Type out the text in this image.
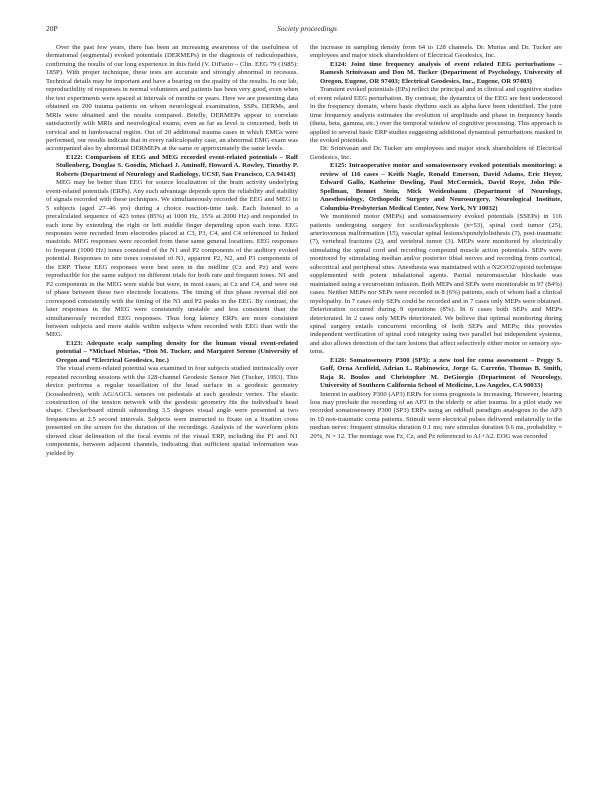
20P	Society proceedings

Over the past few years, there has been an increasing awareness of the usefulness of dermatomal (segmental) evoked potentials (DERMEPs) in the diagnosis of radiculopathies, confirming the results of our long experience in this field (V. DiFazio – Clin. EEG 79 (1985): 185P). With proper technique, these tests are accurate and strongly abnormal in recessus. Technical details may be important and have a bearing on the quality of the results. In our lab, reproducibility of responses in normal volunteers and patients has been very good, even when the test experiments were spaced at intervals of months or years. Here we are presenting data obtained on 200 trauma patients on whom neurological examination, SSPs, DERMs, and MRIs were obtained and the results compared. Briefly, DERMEPs appear to correlate satisfactorily with MRIs and neurological exams, even as far as level is concerned, both in cervical and in lumbosacral region. Out of 20 additional trauma cases in which EMGs were performed, our results indicate that in every radiculopathy case, an abnormal EMG exam was accompanied also by abnormal DERMEPs at the same or approximately the same levels.

E122: Comparison of EEG and MEG recorded event-related potentials – Ralf Stollenberg, Douglas S. Goodin, Michael J. Aminoff, Howard A. Rowley, Timothy P. Roberts (Department of Neurology and Radiology, UCSF, San Francisco, CA 94143)

MEG may be better than EEG for source localization of the brain activity underlying event-related potentials (ERPs). Any such advantage depends upon the reliability and stability of signals recorded with these techniques. We simultaneously recorded the EEG and MEG in 5 subjects (aged 27–46 yrs) during a choice reaction-time task. Each listened to a precalculated sequence of 423 tones (85%) at 1000 Hz, 15% at 2000 Hz) and responded to each tone by extending the right or left middle finger depending upon each tone. EEG responses were recorded from electrodes placed at C3, P3, C4, and C4 referenced to linked mastoids. MEG responses were recorded from these same general locations. EEG responses to frequent (1000 Hz) tones consisted of the N1 and P2 components of the auditory evoked potential. Responses to rare tones consisted of N1, apparent P2, N2, and P3 components of the ERP. These EEG responses were best seen in the midline (Cz and Pz) and were reproducible for the same subject on different trials for both rare and frequent tones. N1 and P2 components in the MEG were stable but were, in most cases, at Cz and C4, and were out of phase between these two electrode locations. The timing of this phase reversal did not correspond consistently with the timing of the N1 and P2 peaks in the EEG. By contrast, the later responses in the MEG were consistently unstable and less consistent than the simultaneously recorded EEG responses. Thus long latency ERPs are more consistent between subjects and more stable within subjects when recorded with EEG than with the MEG.

E123: Adequate scalp sampling density for the human visual event-related potential – *Michael Murias, *Don M. Tucker, and Margaret Sereno (University of Oregon and *Electrical Geodesics, Inc.)

The visual event-related potential was examined in four subjects studied intrinsically over repeated recording sessions with the 128-channel Geodesic Sensor Net (Tucker, 1993). This device performs a regular tessellation of the head surface in a geodesic geometry (icosahedron), with AG/AGCL sensors on pedestals at each geodesic vertex. The elastic construction of the tension network with the geodesic geometry fits the individual's head shape. Checkerboard stimuli subtending 3.5 degrees visual angle were presented at two frequencies at 2.5 second intervals. Subjects were instructed to fixate on a fixation cross presented on the screen for the duration of the recordings. Analysis of the waveform plots showed clear delineation of the focal events of the visual ERP, including the P1 and N1 components, between adjacent channels, indicating that sufficient spatial information was yielded by

the increase in sampling density from 64 to 128 channels. Dr. Murias and Dr. Tucker are employees and major stock shareholders of Electrical Geodesics, Inc.

E124: Joint time frequency analysis of event related EEG perturbations – Ramesh Srinivasan and Don M. Tucker (Department of Psychology, University of Oregon, Eugene, OR 97403; Electrical Geodesics, Inc., Eugene, OR 97403)

Transient evoked potentials (EPs) reflect the principal and in clinical and cognitive studies of event related EEG perturbation. By contrast, the dynamics of the EEG are best understood in the frequency domain, where basic rhythms such as alpha have been identified. The joint time frequency analysis estimates the evolution of amplitude and phase in frequency bands (theta, beta, gamma, etc.) over the temporal window of cognitive processing. This approach is applied to several basic ERP studies suggesting additional dynamical perturbations masked in the evoked potentials.

Dr. Srinivasan and Dr. Tucker are employees and major stock shareholders of Electrical Geodesics, Inc.

E125: Intraoperative motor and somatosensory evoked potentials monitoring: a review of 116 cases – Keith Nagle, Ronald Emerson, David Adams, Eric Heyer, Edward Gallo, Kathrine Dowling, Paul McCormick, David Roye, John Pile-Spellman, Bennet Stein, Mick Weidenbaum (Department of Neurology, Anesthesiology, Orthopedic Surgery and Neurosurgery, Neurological Institute, Columbia-Presbyterian Medical Center, New York, NY 10032)

We monitored motor (MEPs) and somatosensory evoked potentials (SSEPs) in 116 patients undergoing surgery for scoliosis/kyphosis (n=53), spinal cord tumor (25), arteriovenous malformation (15), vascular spinal lesions/spondylolisthesis (7), post-traumatic (7), vertebral fractures (2), and vertebral tumor (3). MEPs were monitored by electrically stimulating the spinal cord and recording compound muscle action potentials. SEPs were monitored by stimulating median and/or posterior tibial nerves and recording from cortical, subcortical and peripheral sites. Anesthesia was maintained with a N2O/O2/opioid technique supplemented with potent inhalational agents. Partial neuromuscular blockade was maintained using a vecuronium infusion. Both MEPs and SEPs were monitorable in 97 (84%) cases. Neither MEPs nor SEPs were recorded in 8 (6%) patients, each of whom had a clinical myelopathy. In 7 cases only SEPs could be recorded and in 7 cases only MEPs were obtained. Deterioration occurred during 9 operations (8%). In 6 cases both SEPs and MEPs deteriorated. In 2 cases only MEPs deteriorated. We believe that optimal monitoring during spinal surgery entails concurrent recording of both SEPs and MEPs; this provides independent verification of spinal cord integrity using two parallel but independent systems, and also allows detection of the rare lesions that affect selectively either motor or sensory systems.

E126: Somatosensory P300 (SP3): a new tool for coma assessment – Peggy S. Goff, Orna Arnfield, Adrian L. Rabinowicz, Jorge G. Carreño, Thomas B. Smith, Raja R. Boulos and Christopher M. DeGiorgio (Department of Neurology, University of Southern California School of Medicine, Los Angeles, CA 90033)

Interest in auditory P300 (AP3) ERPs for coma prognosis is increasing. However, hearing loss may preclude the recording of an AP3 in the elderly or after trauma. In a pilot study we recorded somatosensory P300 (SP3) ERPs using an oddball paradigm analogous to the AP3 in 10 non-traumatic coma patients. Stimuli were electrical pulses delivered unilaterally to the median nerve: frequent stimulus duration 0.1 ms; rare stimulus duration 0.6 ms, probability = 20%, N = 12. The montage was Fz, Cz, and Pz referenced to A1+A2. EOG was recorded
